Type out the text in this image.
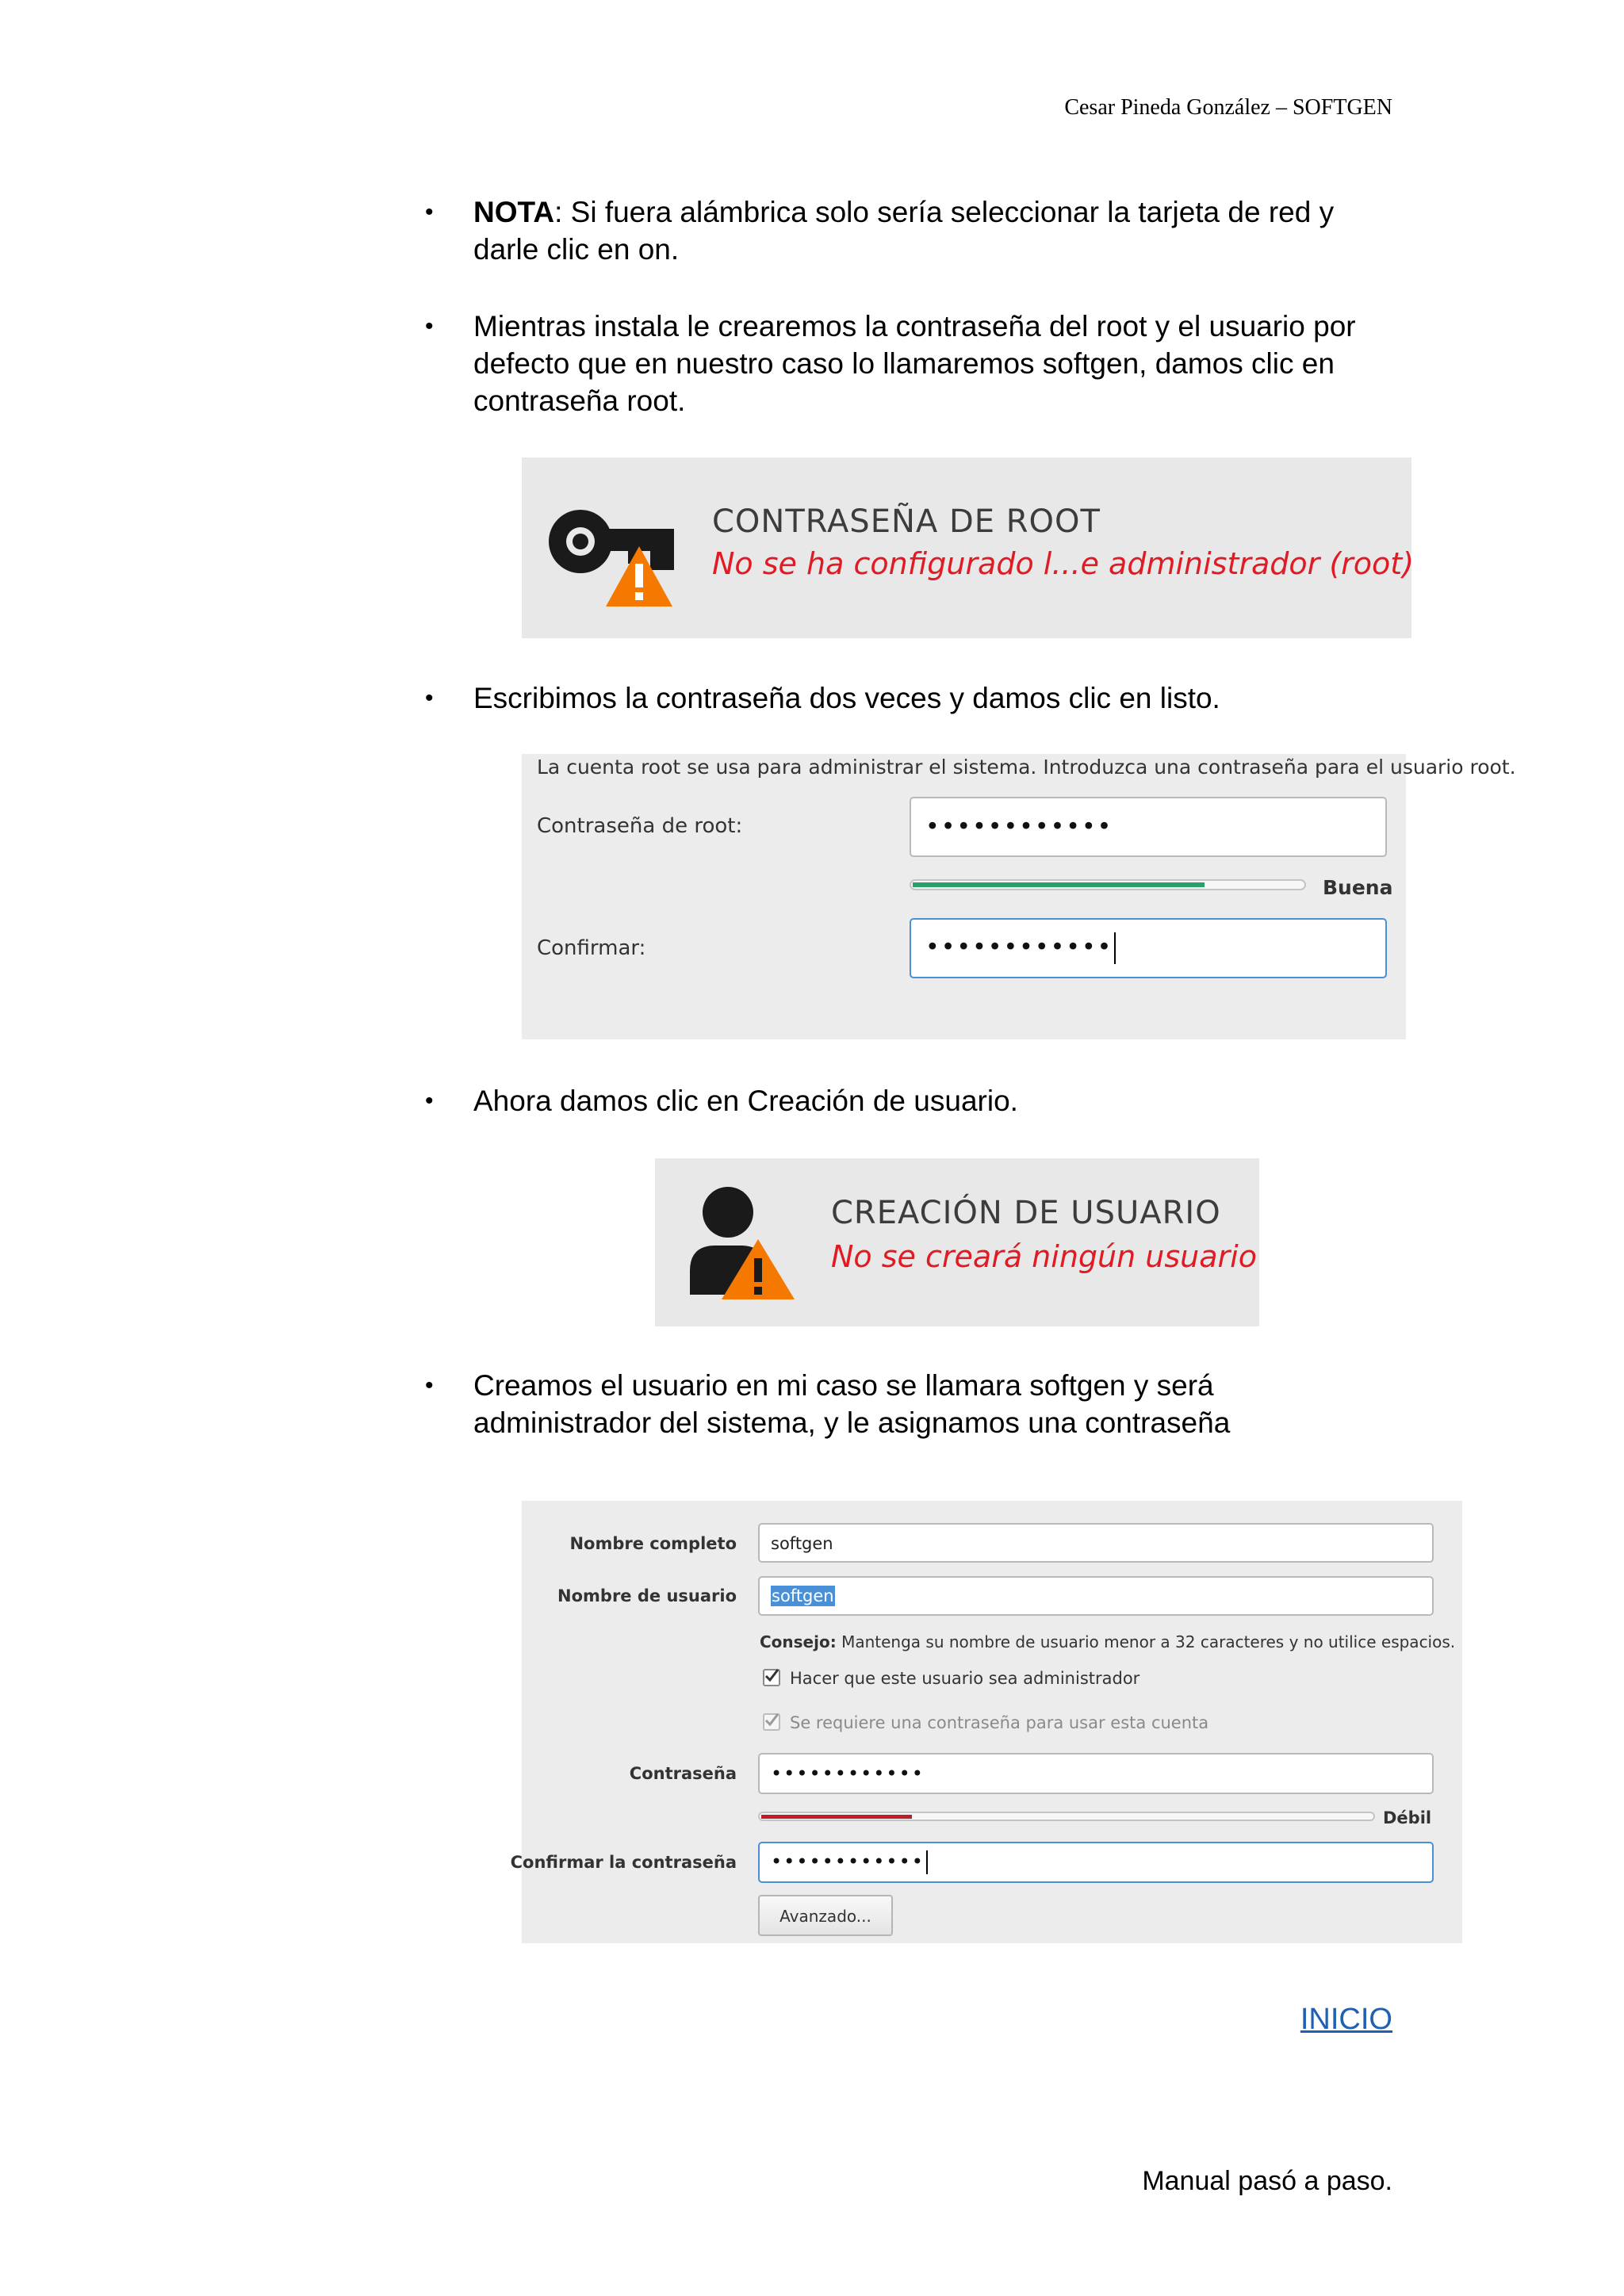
Cesar Pineda González – SOFTGEN
• NOTA: Si fuera alámbrica solo sería seleccionar la tarjeta de red y
darle clic en on.
• Mientras instala le crearemos la contraseña del root y el usuario por
defecto que en nuestro caso lo llamaremos softgen, damos clic en
contraseña root.
CONTRASEÑA DE ROOT
No se ha configurado l...e administrador (root)
• Escribimos la contraseña dos veces y damos clic en listo.
La cuenta root se usa para administrar el sistema. Introduzca una contraseña para el usuario root.
Contraseña de root:	••••••••••••
Buena
Confirmar:	••••••••••••
• Ahora damos clic en Creación de usuario.
CREACIÓN DE USUARIO
No se creará ningún usuario
• Creamos el usuario en mi caso se llamara softgen y será
administrador del sistema, y le asignamos una contraseña
Nombre completo softgen
Nombre de usuario softgen
Consejo: Mantenga su nombre de usuario menor a 32 caracteres y no utilice espacios.
Hacer que este usuario sea administrador
Se requiere una contraseña para usar esta cuenta
Contraseña ••••••••••••
Débil
Confirmar la contraseña ••••••••••••
Avanzado...
INICIO
Manual pasó a paso.
